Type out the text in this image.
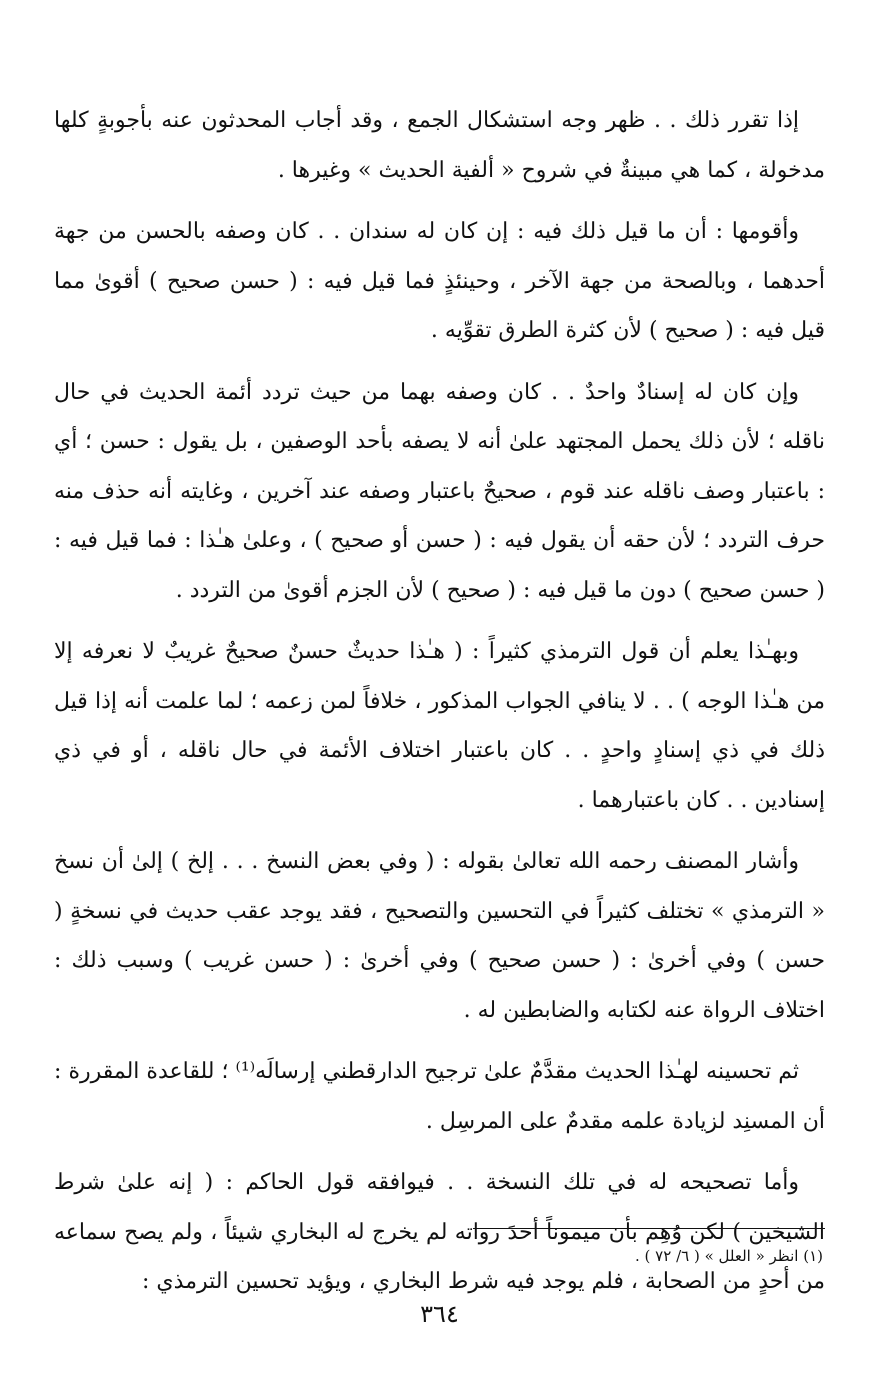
إذا تقرر ذلك . . ظهر وجه استشكال الجمع ، وقد أجاب المحدثون عنه بأجوبةٍ كلها مدخولة ، كما هي مبينةٌ في شروح « ألفية الحديث » وغيرها .

وأقومها : أن ما قيل ذلك فيه : إن كان له سندان . . كان وصفه بالحسن من جهة أحدهما ، وبالصحة من جهة الآخر ، وحينئذٍ فما قيل فيه : ( حسن صحيح ) أقوىٰ مما قيل فيه : ( صحيح ) لأن كثرة الطرق تقوِّيه .

وإن كان له إسنادٌ واحدٌ . . كان وصفه بهما من حيث تردد أئمة الحديث في حال ناقله ؛ لأن ذلك يحمل المجتهد علىٰ أنه لا يصفه بأحد الوصفين ، بل يقول : حسن ؛ أي : باعتبار وصف ناقله عند قوم ، صحيحٌ باعتبار وصفه عند آخرين ، وغايته أنه حذف منه حرف التردد ؛ لأن حقه أن يقول فيه : ( حسن أو صحيح ) ، وعلىٰ هـٰذا : فما قيل فيه : ( حسن صحيح ) دون ما قيل فيه : ( صحيح ) لأن الجزم أقوىٰ من التردد .

وبهـٰذا يعلم أن قول الترمذي كثيراً : ( هـٰذا حديثٌ حسنٌ صحيحٌ غريبٌ لا نعرفه إلا من هـٰذا الوجه ) . . لا ينافي الجواب المذكور ، خلافاً لمن زعمه ؛ لما علمت أنه إذا قيل ذلك في ذي إسنادٍ واحدٍ . . كان باعتبار اختلاف الأئمة في حال ناقله ، أو في ذي إسنادين . . كان باعتبارهما .

وأشار المصنف رحمه الله تعالىٰ بقوله : ( وفي بعض النسخ . . . إلخ ) إلىٰ أن نسخ « الترمذي » تختلف كثيراً في التحسين والتصحيح ، فقد يوجد عقب حديث في نسخةٍ ( حسن ) وفي أخرىٰ : ( حسن صحيح ) وفي أخرىٰ : ( حسن غريب ) وسبب ذلك : اختلاف الرواة عنه لكتابه والضابطين له .

ثم تحسينه لهـٰذا الحديث مقدَّمٌ علىٰ ترجيح الدارقطني إرسالَه⁽¹⁾ ؛ للقاعدة المقررة : أن المسنِد لزيادة علمه مقدمٌ على المرسِل .

وأما تصحيحه له في تلك النسخة . . فيوافقه قول الحاكم : ( إنه علىٰ شرط الشيخين ) لكن وُهِم بأن ميموناً أحدَ رواته لم يخرج له البخاري شيئاً ، ولم يصح سماعه من أحدٍ من الصحابة ، فلم يوجد فيه شرط البخاري ، ويؤيد تحسين الترمذي :

(١) انظر « العلل » ( ٦/ ٧٢ ) .
٣٦٤
